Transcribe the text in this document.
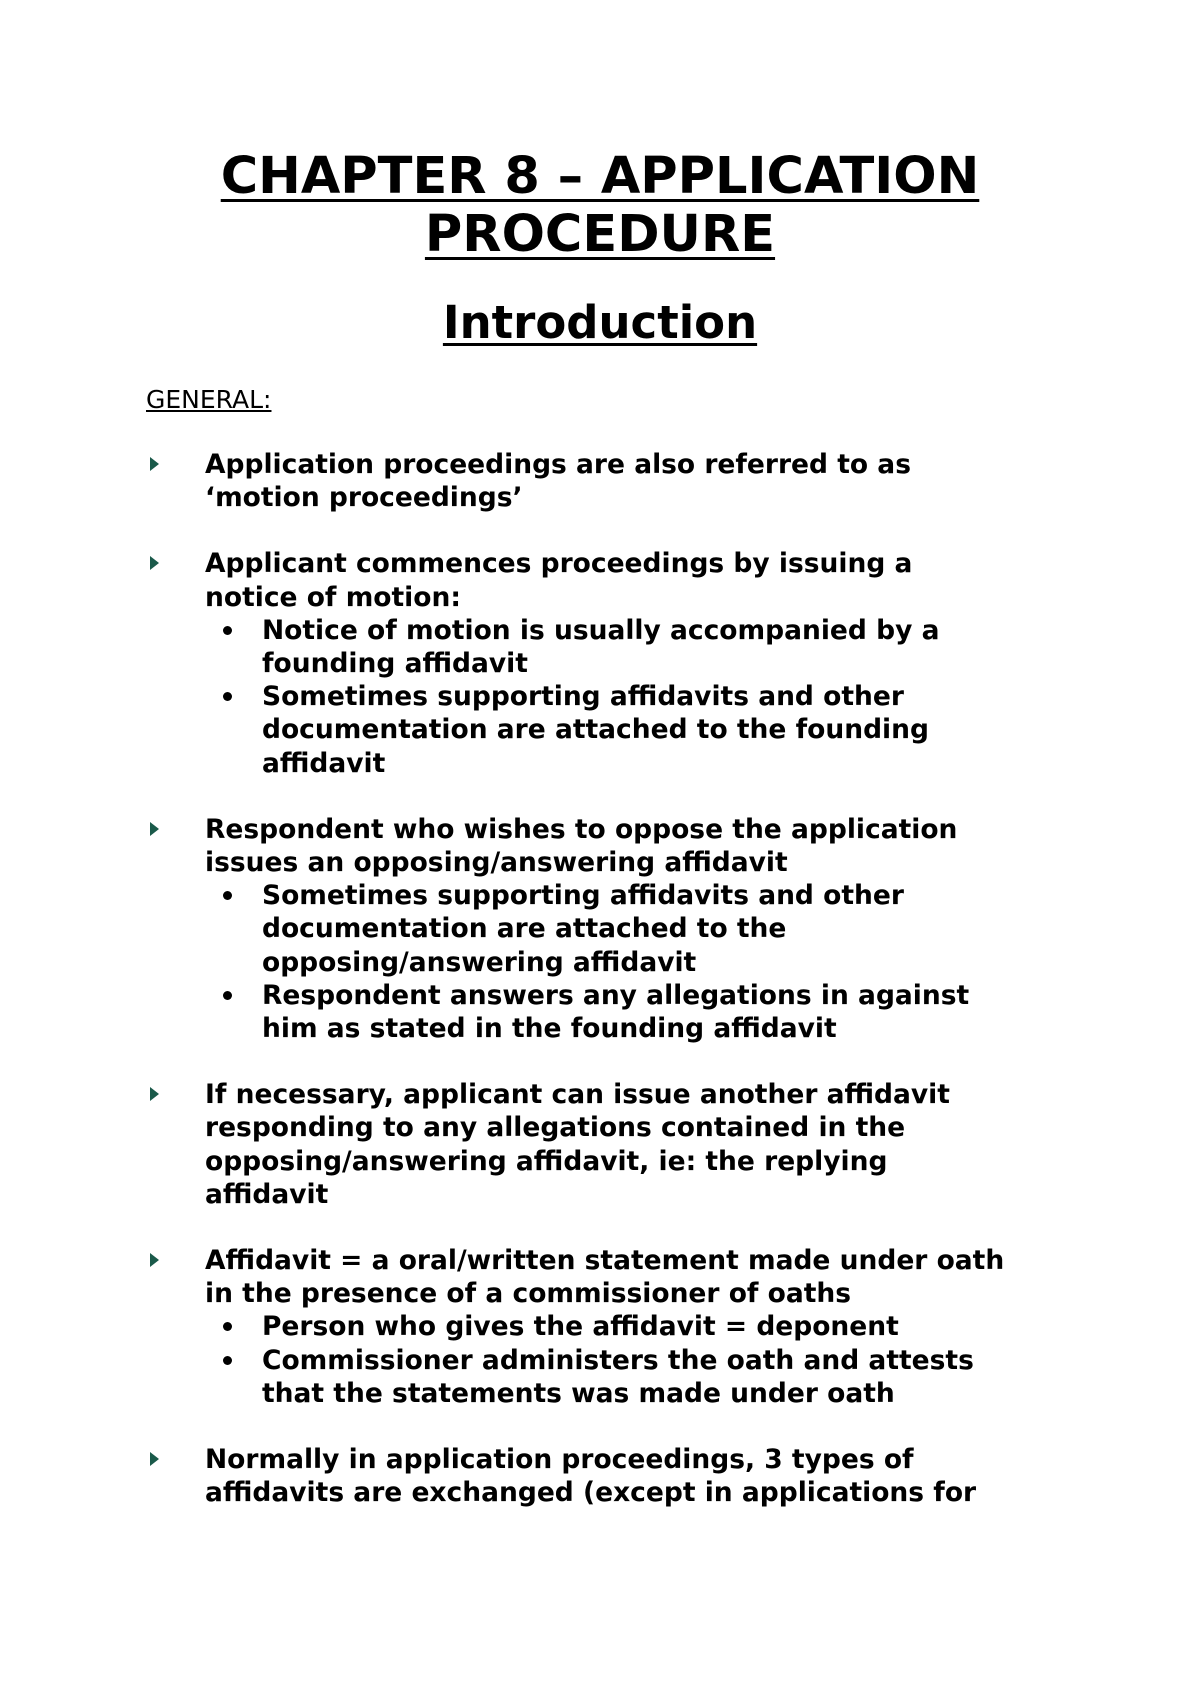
CHAPTER 8 – APPLICATION
PROCEDURE
Introduction

GENERAL:

Application proceedings are also referred to as
‘motion proceedings’
Applicant commences proceedings by issuing a
notice of motion:
Notice of motion is usually accompanied by a
founding affidavit
Sometimes supporting affidavits and other
documentation are attached to the founding
affidavit
Respondent who wishes to oppose the application
issues an opposing/answering affidavit
Sometimes supporting affidavits and other
documentation are attached to the
opposing/answering affidavit
Respondent answers any allegations in against
him as stated in the founding affidavit
If necessary, applicant can issue another affidavit
responding to any allegations contained in the
opposing/answering affidavit, ie: the replying
affidavit
Affidavit = a oral/written statement made under oath
in the presence of a commissioner of oaths
Person who gives the affidavit = deponent
Commissioner administers the oath and attests
that the statements was made under oath
Normally in application proceedings, 3 types of
affidavits are exchanged (except in applications for
